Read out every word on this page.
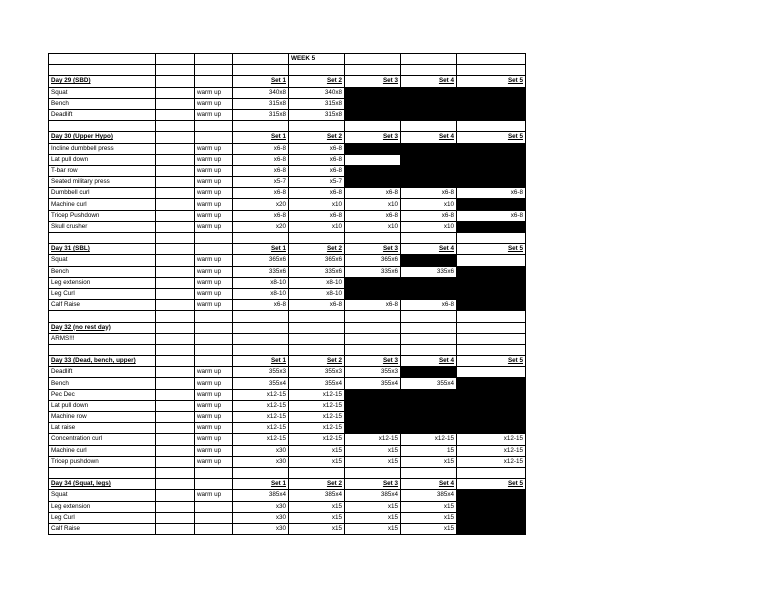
				WEEK 5			

Day 29 (SBD)			Set 1	Set 2	Set 3	Set 4	Set 5
Squat		warm up	340x8	340x8			
Bench		warm up	315x8	315x8			
Deadlift		warm up	315x8	315x8			

Day 30 (Upper Hypo)			Set 1	Set 2	Set 3	Set 4	Set 5
Incline dumbbell press		warm up	x6-8	x6-8			
Lat pull down		warm up	x6-8	x6-8			
T-bar row		warm up	x6-8	x6-8			
Seated military press		warm up	x5-7	x5-7			
Dumbbell curl		warm up	x6-8	x6-8	x6-8	x6-8	x6-8
Machine curl		warm up	x20	x10	x10	x10	
Tricep Pushdown		warm up	x6-8	x6-8	x6-8	x6-8	x6-8
Skull crusher		warm up	x20	x10	x10	x10	

Day 31 (SBL)			Set 1	Set 2	Set 3	Set 4	Set 5
Squat		warm up	365x6	365x6	365x6		
Bench		warm up	335x6	335x6	335x6	335x6	
Leg extension		warm up	x8-10	x8-10			
Leg Curl		warm up	x8-10	x8-10			
Calf Raise		warm up	x6-8	x6-8	x6-8	x6-8	

Day 32 (no rest day)							
ARMS!!!							

Day 33 (Dead, bench, upper)			Set 1	Set 2	Set 3	Set 4	Set 5
Deadlift		warm up	355x3	355x3	355x3		
Bench		warm up	355x4	355x4	355x4	355x4	
Pec Dec		warm up	x12-15	x12-15			
Lat pull down		warm up	x12-15	x12-15			
Machine row		warm up	x12-15	x12-15			
Lat raise		warm up	x12-15	x12-15			
Concentration curl		warm up	x12-15	x12-15	x12-15	x12-15	x12-15
Machine curl		warm up	x30	x15	x15	15	x12-15
Tricep pushdown		warm up	x30	x15	x15	x15	x12-15

Day 34 (Squat, legs)			Set 1	Set 2	Set 3	Set 4	Set 5
Squat		warm up	385x4	385x4	385x4	385x4	
Leg extension			x30	x15	x15	x15	
Leg Curl			x30	x15	x15	x15	
Calf Raise			x30	x15	x15	x15	
